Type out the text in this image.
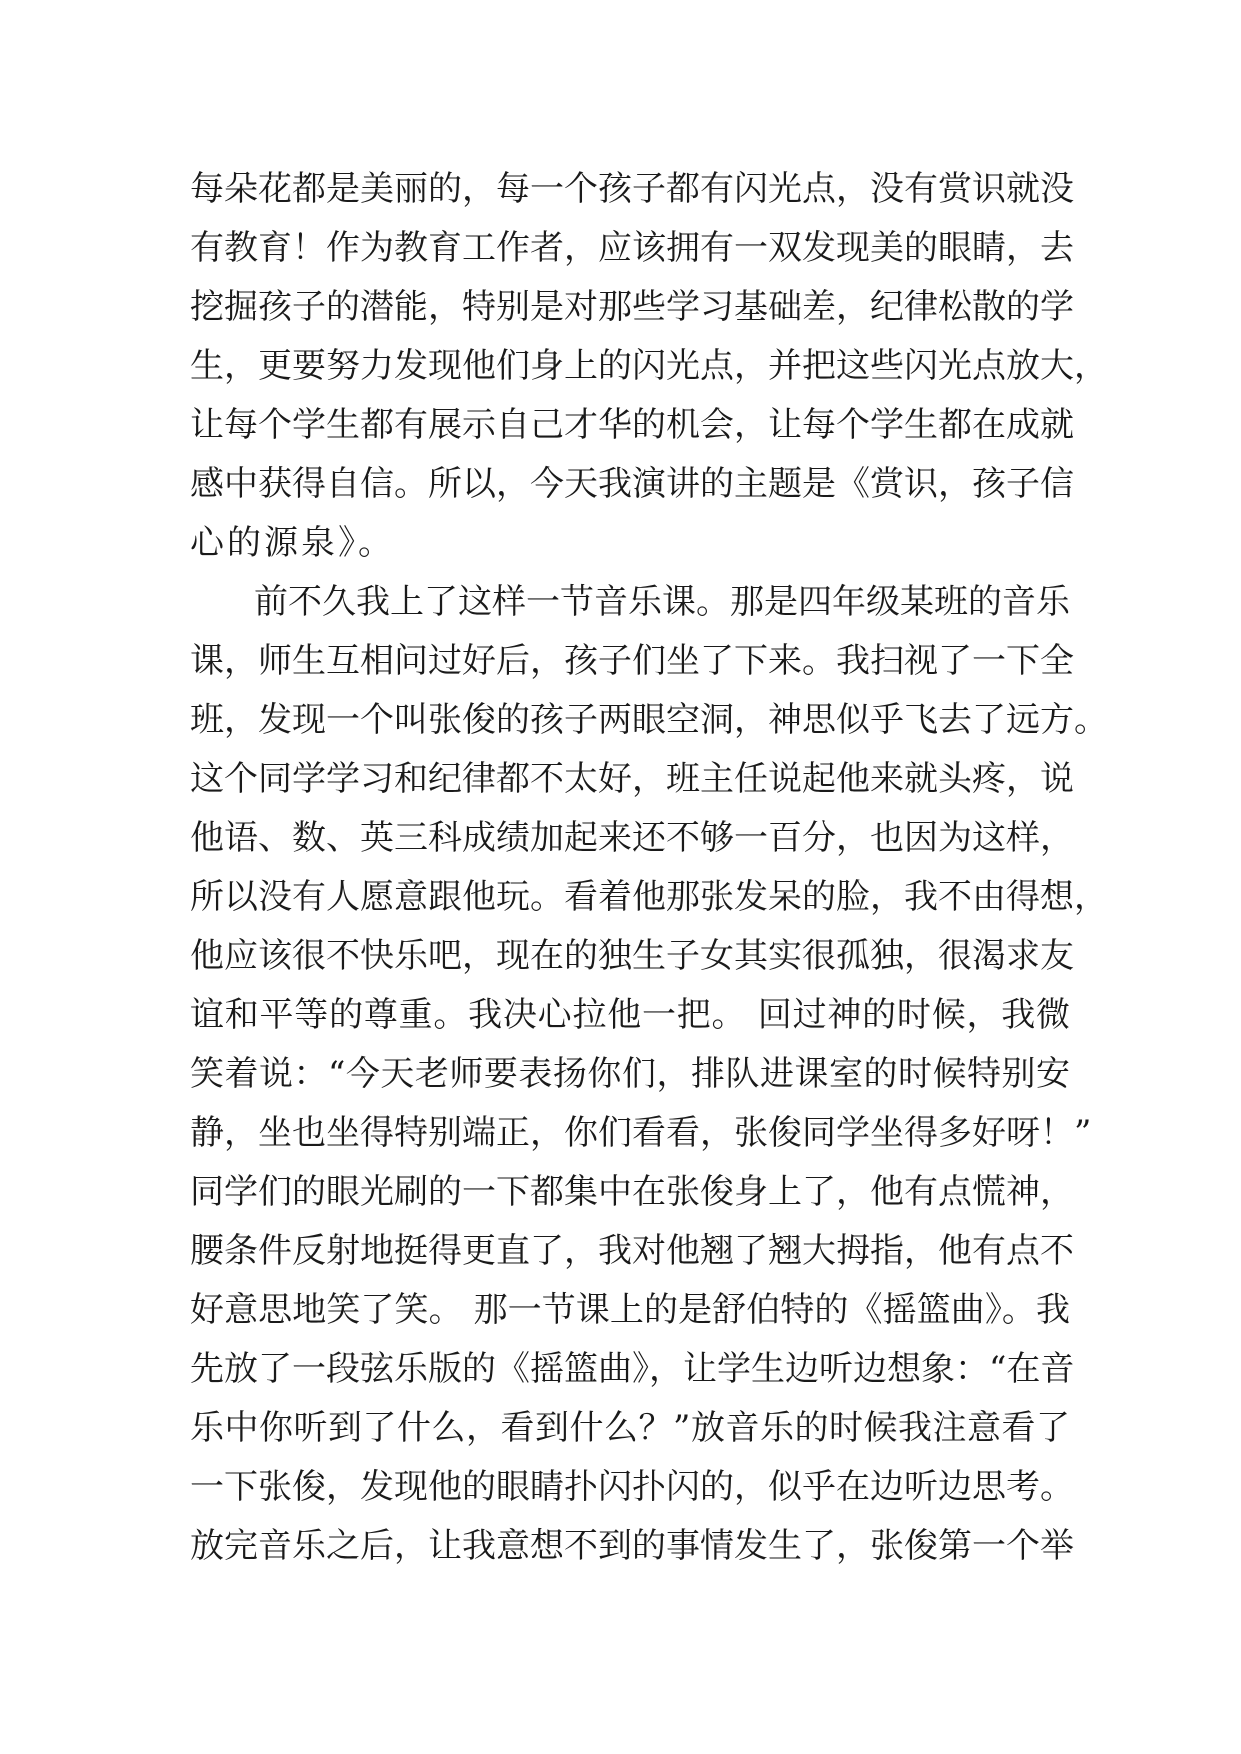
每朵花都是美丽的，每一个孩子都有闪光点，没有赏识就没
有教育！作为教育工作者，应该拥有一双发现美的眼睛，去
挖掘孩子的潜能，特别是对那些学习基础差，纪律松散的学
生，更要努力发现他们身上的闪光点，并把这些闪光点放大，
让每个学生都有展示自己才华的机会，让每个学生都在成就
感中获得自信。所以，今天我演讲的主题是《赏识，孩子信
心的源泉》。
前不久我上了这样一节音乐课。那是四年级某班的音乐
课，师生互相问过好后，孩子们坐了下来。我扫视了一下全
班，发现一个叫张俊的孩子两眼空洞，神思似乎飞去了远方。
这个同学学习和纪律都不太好，班主任说起他来就头疼，说
他语、数、英三科成绩加起来还不够一百分，也因为这样，
所以没有人愿意跟他玩。看着他那张发呆的脸，我不由得想，
他应该很不快乐吧，现在的独生子女其实很孤独，很渴求友
谊和平等的尊重。我决心拉他一把。 回过神的时候，我微
笑着说：“今天老师要表扬你们，排队进课室的时候特别安
静，坐也坐得特别端正，你们看看，张俊同学坐得多好呀！”
同学们的眼光刷的一下都集中在张俊身上了，他有点慌神，
腰条件反射地挺得更直了，我对他翘了翘大拇指，他有点不
好意思地笑了笑。 那一节课上的是舒伯特的《摇篮曲》。我
先放了一段弦乐版的《摇篮曲》，让学生边听边想象：“在音
乐中你听到了什么，看到什么？”放音乐的时候我注意看了
一下张俊，发现他的眼睛扑闪扑闪的，似乎在边听边思考。
放完音乐之后，让我意想不到的事情发生了，张俊第一个举
